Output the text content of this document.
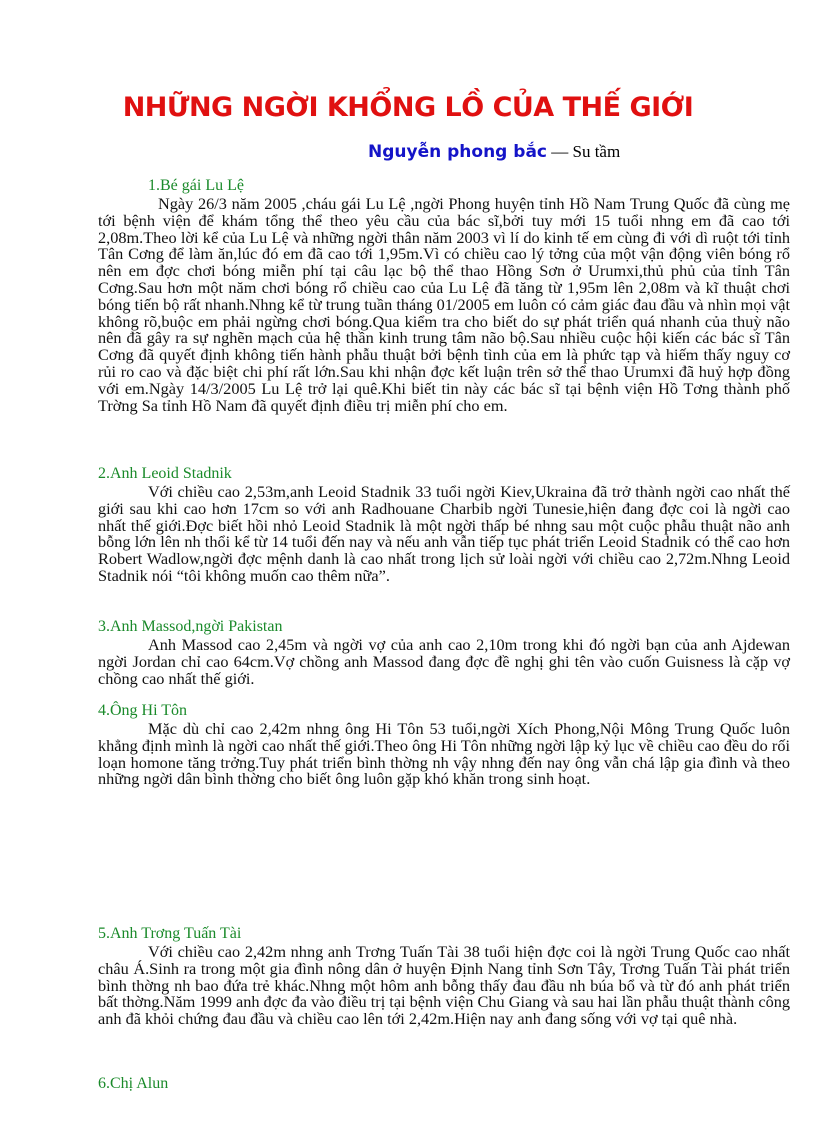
NHỮNG NGỜI KHỔNG LỒ CỦA THẾ GIỚI
Nguyễn phong bắc — Su tầm

1.Bé gái Lu Lệ

Ngày 26/3 năm 2005 ,cháu gái Lu Lệ ,ngời Phong huyện tỉnh Hồ Nam Trung Quốc đã cùng mẹ tới bệnh viện để khám tổng thể theo yêu cầu của bác sĩ,bởi tuy mới 15 tuổi nhng em đã cao tới 2,08m.Theo lời kể của Lu Lệ và những ngời thân năm 2003 vì lí do kinh tế em cùng đi với dì ruột tới tỉnh Tân Cơng để làm ăn,lúc đó em đã cao tới 1,95m.Vì có chiều cao lý tởng của một vận động viên bóng rổ nên em đợc chơi bóng miễn phí tại câu lạc bộ thể thao Hồng Sơn ở Urumxi,thủ phủ của tỉnh Tân Cơng.Sau hơn một năm chơi bóng rổ chiều cao của Lu Lệ đã tăng từ 1,95m lên 2,08m và kĩ thuật chơi bóng tiến bộ rất nhanh.Nhng kể từ trung tuần tháng 01/2005 em luôn có cảm giác đau đầu và nhìn mọi vật không rõ,buộc em phải ngừng chơi bóng.Qua kiểm tra cho biết do sự phát triển quá nhanh của thuỳ não nên đã gây ra sự nghẽn mạch của hệ thần kinh trung tâm não bộ.Sau nhiều cuộc hội kiến các bác sĩ Tân Cơng đã quyết định không tiến hành phẫu thuật bởi bệnh tình của em là phức tạp và hiếm thấy nguy cơ rủi ro cao và đặc biệt chi phí rất lớn.Sau khi nhận đợc kết luận trên sở thể thao Urumxi đã huỷ hợp đồng với em.Ngày 14/3/2005 Lu Lệ trở lại quê.Khi biết tin này các bác sĩ tại bệnh viện Hồ Tơng thành phố Trờng Sa tỉnh Hồ Nam đã quyết định điều trị miễn phí cho em.

2.Anh Leoid Stadnik

Với chiều cao 2,53m,anh Leoid Stadnik 33 tuổi ngời Kiev,Ukraina đã trở thành ngời cao nhất thế giới sau khi cao hơn 17cm so với anh Radhouane Charbib ngời Tunesie,hiện đang đợc coi là ngời cao nhất thế giới.Đợc biết hồi nhỏ Leoid Stadnik là một ngời thấp bé nhng sau một cuộc phẫu thuật não anh bỗng lớn lên nh thổi kể từ 14 tuổi đến nay và nếu anh vẫn tiếp tục phát triển Leoid Stadnik có thể cao hơn Robert Wadlow,ngời đợc mệnh danh là cao nhất trong lịch sử loài ngời với chiều cao 2,72m.Nhng Leoid Stadnik nói “tôi không muốn cao thêm nữa”.

3.Anh Massod,ngời Pakistan

Anh Massod cao 2,45m và ngời vợ của anh cao 2,10m trong khi đó ngời bạn của anh Ajdewan ngời Jordan chỉ cao 64cm.Vợ chồng anh Massod đang đợc đề nghị ghi tên vào cuốn Guisness là cặp vợ chồng cao nhất thế giới.

4.Ông Hi Tôn

Mặc dù chỉ cao 2,42m nhng ông Hi Tôn 53 tuổi,ngời Xích Phong,Nội Mông Trung Quốc luôn khẳng định mình là ngời cao nhất thế giới.Theo ông Hi Tôn những ngời lập kỷ lục về chiều cao đều do rối loạn homone tăng trởng.Tuy phát triển bình thờng nh vậy nhng đến nay ông vẫn chá lập gia đình và theo những ngời dân bình thờng cho biết ông luôn gặp khó khăn trong sinh hoạt.

5.Anh Trơng Tuấn Tài

Với chiều cao 2,42m nhng anh Trơng Tuấn Tài 38 tuổi hiện đợc coi là ngời Trung Quốc cao nhất châu Á.Sinh ra trong một gia đình nông dân ở huyện Định Nang tỉnh Sơn Tây, Trơng Tuấn Tài phát triển bình thờng nh bao đứa trẻ khác.Nhng một hôm anh bỗng thấy đau đầu nh búa bổ và từ đó anh phát triển bất thờng.Năm 1999 anh đợc đa vào điều trị tại bệnh viện Chu Giang và sau hai lần phẫu thuật thành công anh đã khỏi chứng đau đầu và chiều cao lên tới 2,42m.Hiện nay anh đang sống với vợ tại quê nhà.

6.Chị Alun
